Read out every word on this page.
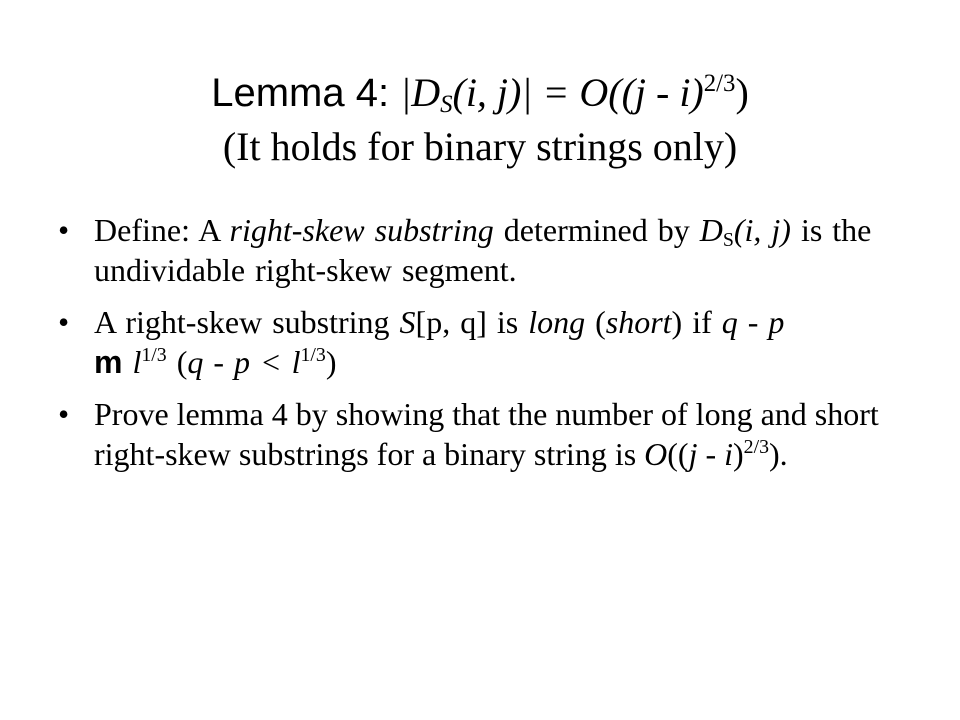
Lemma 4: $|D_S(i$, j)| = O((j - i)$^{2/3}$)
(It holds for binary strings only)
• Define: A right-skew substring determined by $D_S(i$, j) is the undividable right-skew segment.
• A right-skew substring S[p, q] is long (short) if q - p
m $l^{1/3}$ $(q - p < l^{1/3})$
• Prove lemma 4 by showing that the number of long and short right-skew substrings for a binary string is O((j - i)$^{2/3}$).
